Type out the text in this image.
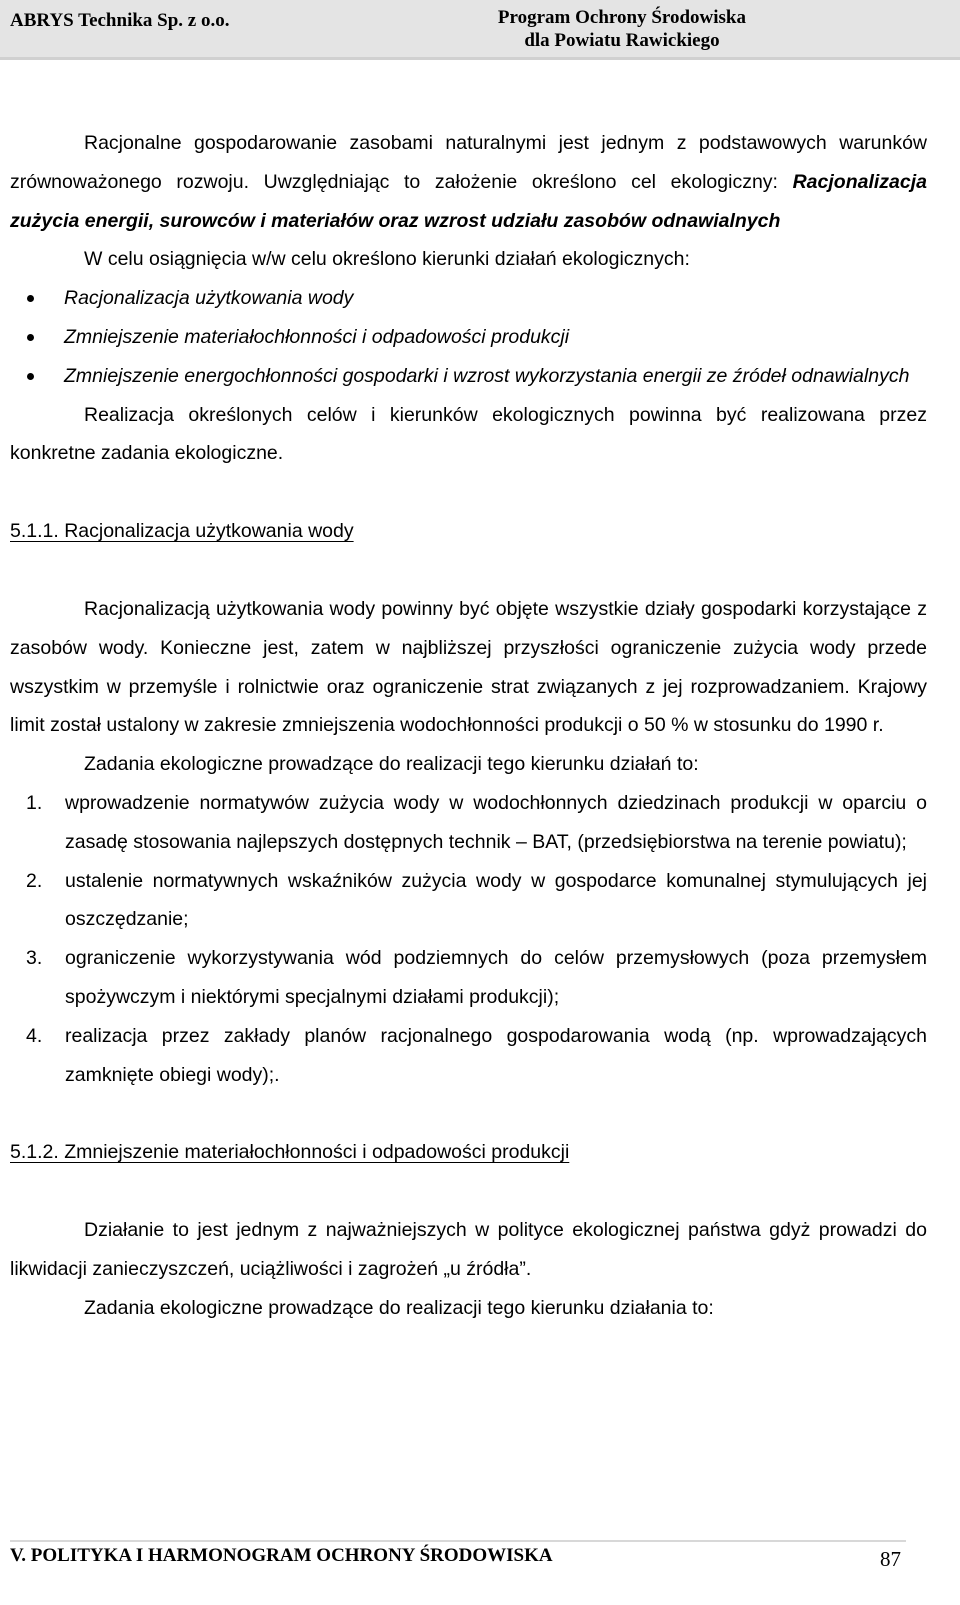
ABRYS Technika Sp. z o.o.	Program Ochrony Środowiska
dla Powiatu Rawickiego

Racjonalne gospodarowanie zasobami naturalnymi jest jednym z podstawowych warunków zrównoważonego rozwoju. Uwzględniając to założenie określono cel ekologiczny: Racjonalizacja zużycia energii, surowców i materiałów oraz wzrost udziału zasobów odnawialnych

W celu osiągnięcia w/w celu określono kierunki działań ekologicznych:

Racjonalizacja użytkowania wody
Zmniejszenie materiałochłonności i odpadowości produkcji
Zmniejszenie energochłonności gospodarki i wzrost wykorzystania energii ze źródeł odnawialnych

Realizacja określonych celów i kierunków ekologicznych powinna być realizowana przez konkretne zadania ekologiczne.

5.1.1. Racjonalizacja użytkowania wody

Racjonalizacją użytkowania wody powinny być objęte wszystkie działy gospodarki korzystające z zasobów wody. Konieczne jest, zatem w najbliższej przyszłości ograniczenie zużycia wody przede wszystkim w przemyśle i rolnictwie oraz ograniczenie strat związanych z jej rozprowadzaniem. Krajowy limit został ustalony w zakresie zmniejszenia wodochłonności produkcji o 50 % w stosunku do 1990 r.

Zadania ekologiczne prowadzące do realizacji tego kierunku działań to:

1. wprowadzenie normatywów zużycia wody w wodochłonnych dziedzinach produkcji w oparciu o zasadę stosowania najlepszych dostępnych technik – BAT, (przedsiębiorstwa na terenie powiatu);
2. ustalenie normatywnych wskaźników zużycia wody w gospodarce komunalnej stymulujących jej oszczędzanie;
3. ograniczenie wykorzystywania wód podziemnych do celów przemysłowych (poza przemysłem spożywczym i niektórymi specjalnymi działami produkcji);
4. realizacja przez zakłady planów racjonalnego gospodarowania wodą (np. wprowadzających zamknięte obiegi wody);.

5.1.2. Zmniejszenie materiałochłonności i odpadowości produkcji

Działanie to jest jednym z najważniejszych w polityce ekologicznej państwa gdyż prowadzi do likwidacji zanieczyszczeń, uciążliwości i zagrożeń „u źródła”.

Zadania ekologiczne prowadzące do realizacji tego kierunku działania to:

V. POLITYKA I HARMONOGRAM OCHRONY ŚRODOWISKA	87
